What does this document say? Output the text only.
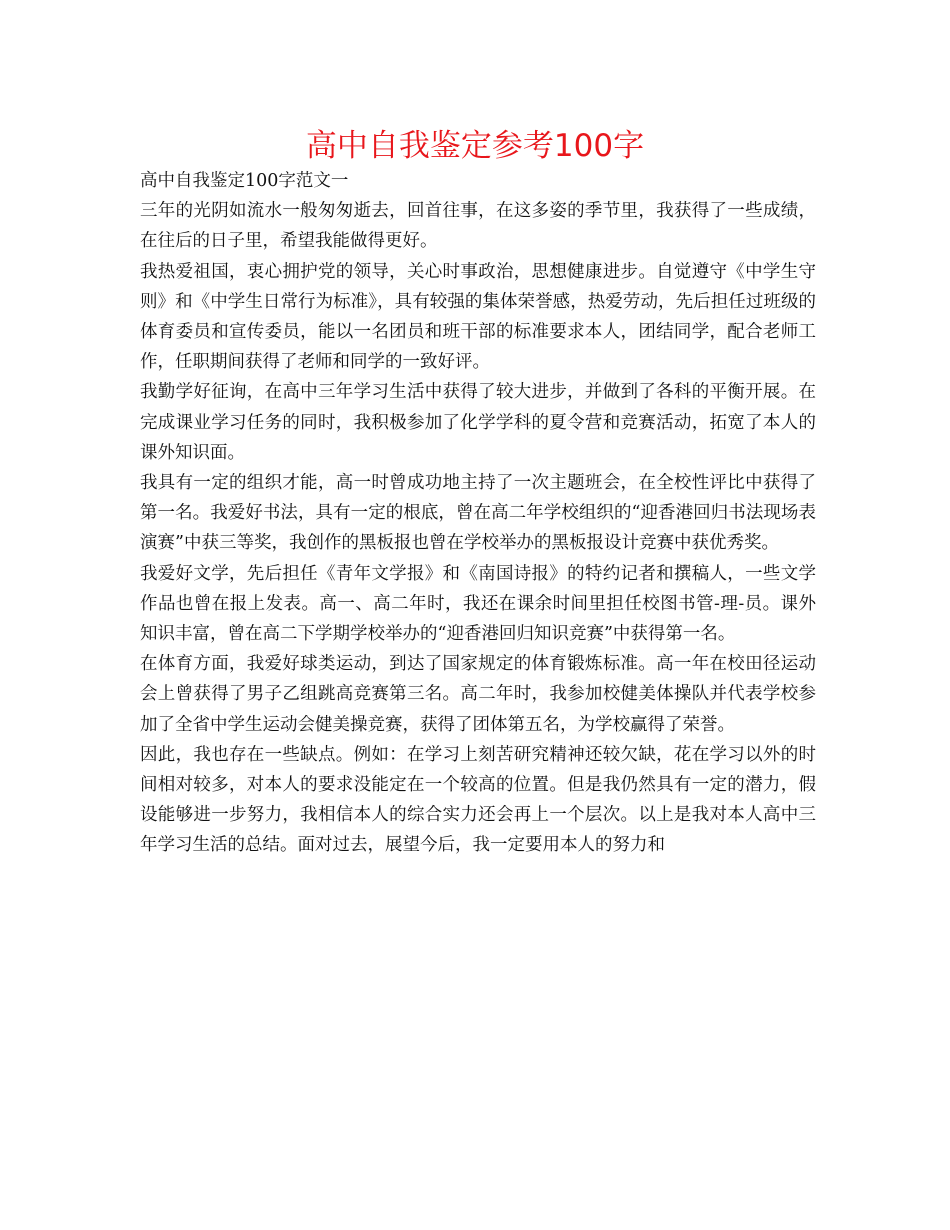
高中自我鉴定参考100字

高中自我鉴定100字范文一

三年的光阴如流水一般匆匆逝去，回首往事，在这多姿的季节里，我获得了一些成绩，在往后的日子里，希望我能做得更好。

我热爱祖国，衷心拥护党的领导，关心时事政治，思想健康进步。自觉遵守《中学生守则》和《中学生日常行为标准》，具有较强的集体荣誉感，热爱劳动，先后担任过班级的体育委员和宣传委员，能以一名团员和班干部的标准要求本人，团结同学，配合老师工作，任职期间获得了老师和同学的一致好评。

我勤学好征询，在高中三年学习生活中获得了较大进步，并做到了各科的平衡开展。在完成课业学习任务的同时，我积极参加了化学学科的夏令营和竞赛活动，拓宽了本人的课外知识面。

我具有一定的组织才能，高一时曾成功地主持了一次主题班会，在全校性评比中获得了第一名。我爱好书法，具有一定的根底，曾在高二年学校组织的“迎香港回归书法现场表演赛”中获三等奖，我创作的黑板报也曾在学校举办的黑板报设计竞赛中获优秀奖。

我爱好文学，先后担任《青年文学报》和《南国诗报》的特约记者和撰稿人，一些文学作品也曾在报上发表。高一、高二年时，我还在课余时间里担任校图书管-理-员。课外知识丰富，曾在高二下学期学校举办的“迎香港回归知识竞赛”中获得第一名。

在体育方面，我爱好球类运动，到达了国家规定的体育锻炼标准。高一年在校田径运动会上曾获得了男子乙组跳高竞赛第三名。高二年时，我参加校健美体操队并代表学校参加了全省中学生运动会健美操竞赛，获得了团体第五名，为学校赢得了荣誉。

因此，我也存在一些缺点。例如：在学习上刻苦研究精神还较欠缺，花在学习以外的时间相对较多，对本人的要求没能定在一个较高的位置。但是我仍然具有一定的潜力，假设能够进一步努力，我相信本人的综合实力还会再上一个层次。以上是我对本人高中三年学习生活的总结。面对过去，展望今后，我一定要用本人的努力和
